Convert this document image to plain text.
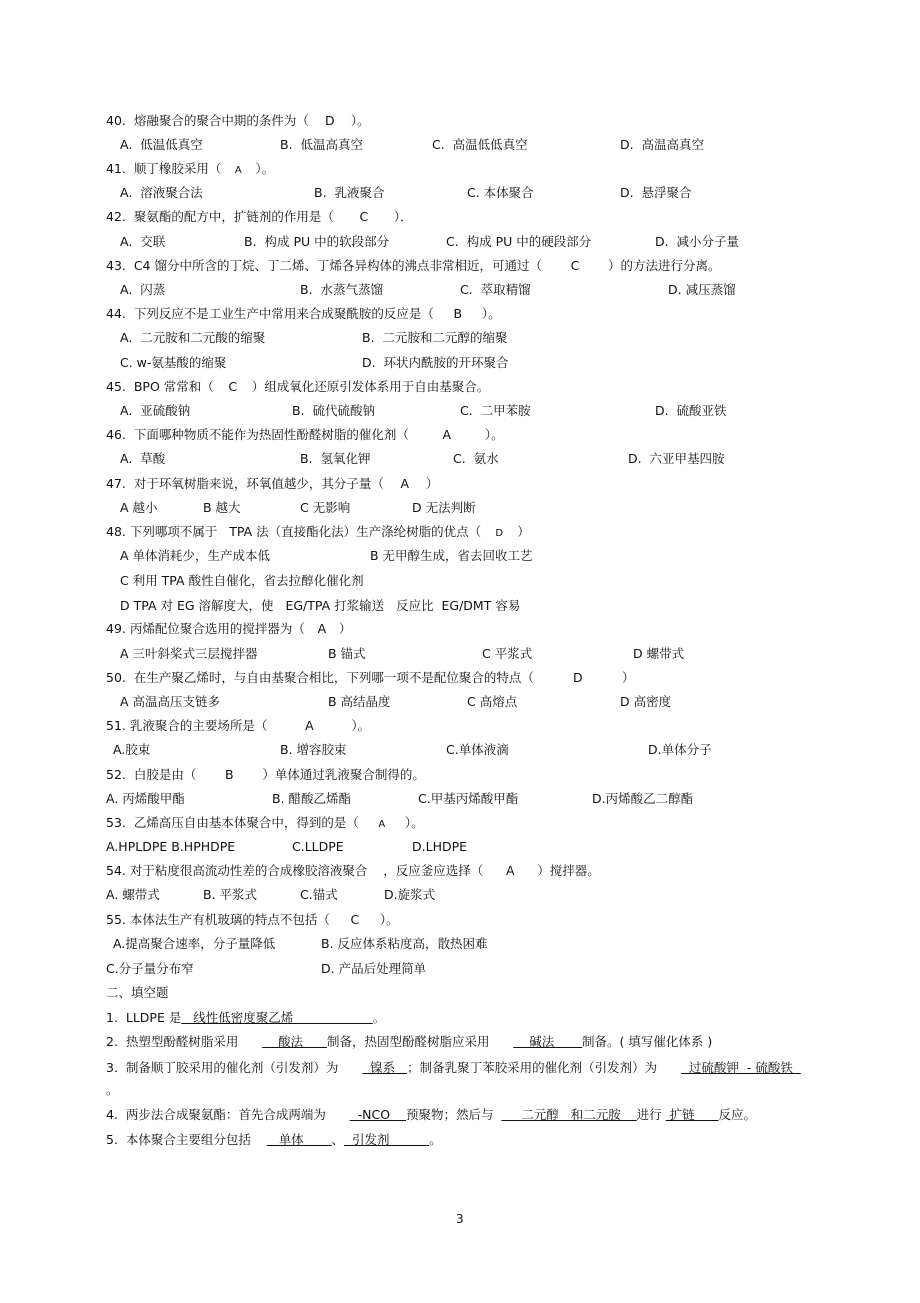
40.  熔融聚合的聚合中期的条件为（ D ）。
A.  低温低真空	B.  低温高真空	C.  高温低低真空	D.  高温高真空
41.  顺丁橡胶采用（ A ）。
A.  溶液聚合法	B.  乳液聚合	C. 本体聚合	D.  悬浮聚合
42.  聚氨酯的配方中，扩链剂的作用是（ C ）．
A.  交联	B.  构成 PU 中的软段部分	C.  构成 PU 中的硬段部分	D.  减小分子量
43.  C4 馏分中所含的丁烷、丁二烯、丁烯各异构体的沸点非常相近，可通过（ C ）的方法进行分离。
A.  闪蒸	B.  水蒸气蒸馏	C.  萃取精馏	D. 减压蒸馏
44.  下列反应不是工业生产中常用来合成聚酰胺的反应是（ B ）。
A.  二元胺和二元酸的缩聚	B.  二元胺和二元醇的缩聚
C. w-氨基酸的缩聚	D.  环状内酰胺的开环聚合
45.  BPO 常常和（ C ）组成氧化还原引发体系用于自由基聚合。
A.  亚硫酸钠	B.  硫代硫酸钠	C.  二甲苯胺	D.  硫酸亚铁
46.  下面哪种物质不能作为热固性酚醛树脂的催化剂（	A	）。
A.  草酸	B.  氢氧化钾	C.  氨水	D.  六亚甲基四胺
47.  对于环氧树脂来说，环氧值越少，其分子量（ A ）
A 越小	B 越大	C 无影响	D 无法判断
48. 下列哪项不属于   TPA 法（直接酯化法）生产涤纶树脂的优点（ D ）
A 单体消耗少，生产成本低	B 无甲醇生成，省去回收工艺
C 利用 TPA 酸性自催化，省去拉醇化催化剂
D TPA 对 EG 溶解度大，使   EG/TPA 打浆输送   反应比  EG/DMT 容易
49. 丙烯配位聚合选用的搅拌器为（ A ）
A 三叶斜桨式三层搅拌器	B 锚式	C 平浆式	D 螺带式
50.  在生产聚乙烯时，与自由基聚合相比，下列哪一项不是配位聚合的特点（	D	）
A 高温高压支链多	B 高结晶度	C 高熔点	D 高密度
51. 乳液聚合的主要场所是（	A	）。
A.胶束	B. 增容胶束	C.单体液滴	D.单体分子
52.  白胶是由（ B ）单体通过乳液聚合制得的。
A. 丙烯酸甲酯	B. 醋酸乙烯酯	C.甲基丙烯酸甲酯	D.丙烯酸乙二醇酯
53.  乙烯高压自由基本体聚合中，得到的是（ A ）。
A.HPLDPE B.HPHDPE	C.LLDPE	D.LHDPE
54. 对于粘度很高流动性差的合成橡胶溶液聚合    ，反应釜应选择（ A ）搅拌器。
A. 螺带式	B. 平浆式	C.锚式	D.旋浆式
55. 本体法生产有机玻璃的特点不包括（ C ）。
A.提高聚合速率，分子量降低	B. 反应体系粘度高，散热困难
C.分子量分布窄	D. 产品后处理简单
二、填空题
1.  LLDPE 是   线性低密度聚乙烯                    。
2.  热塑型酚醛树脂采用          酸法      制备，热固型酚醛树脂应采用          碱法       制备。( 填写催化体系 )
3.  制备顺丁胶采用的催化剂（引发剂）为        镍系   ；制备乳聚丁苯胶采用的催化剂（引发剂）为        过硫酸钾  - 硫酸铁
。
4.  两步法合成聚氨酯：首先合成两端为        -NCO    预聚物；然后与       二元醇   和二元胺    进行  扩链      反应。
5.  本体聚合主要组分包括       单体       、  引发剂          。
3
